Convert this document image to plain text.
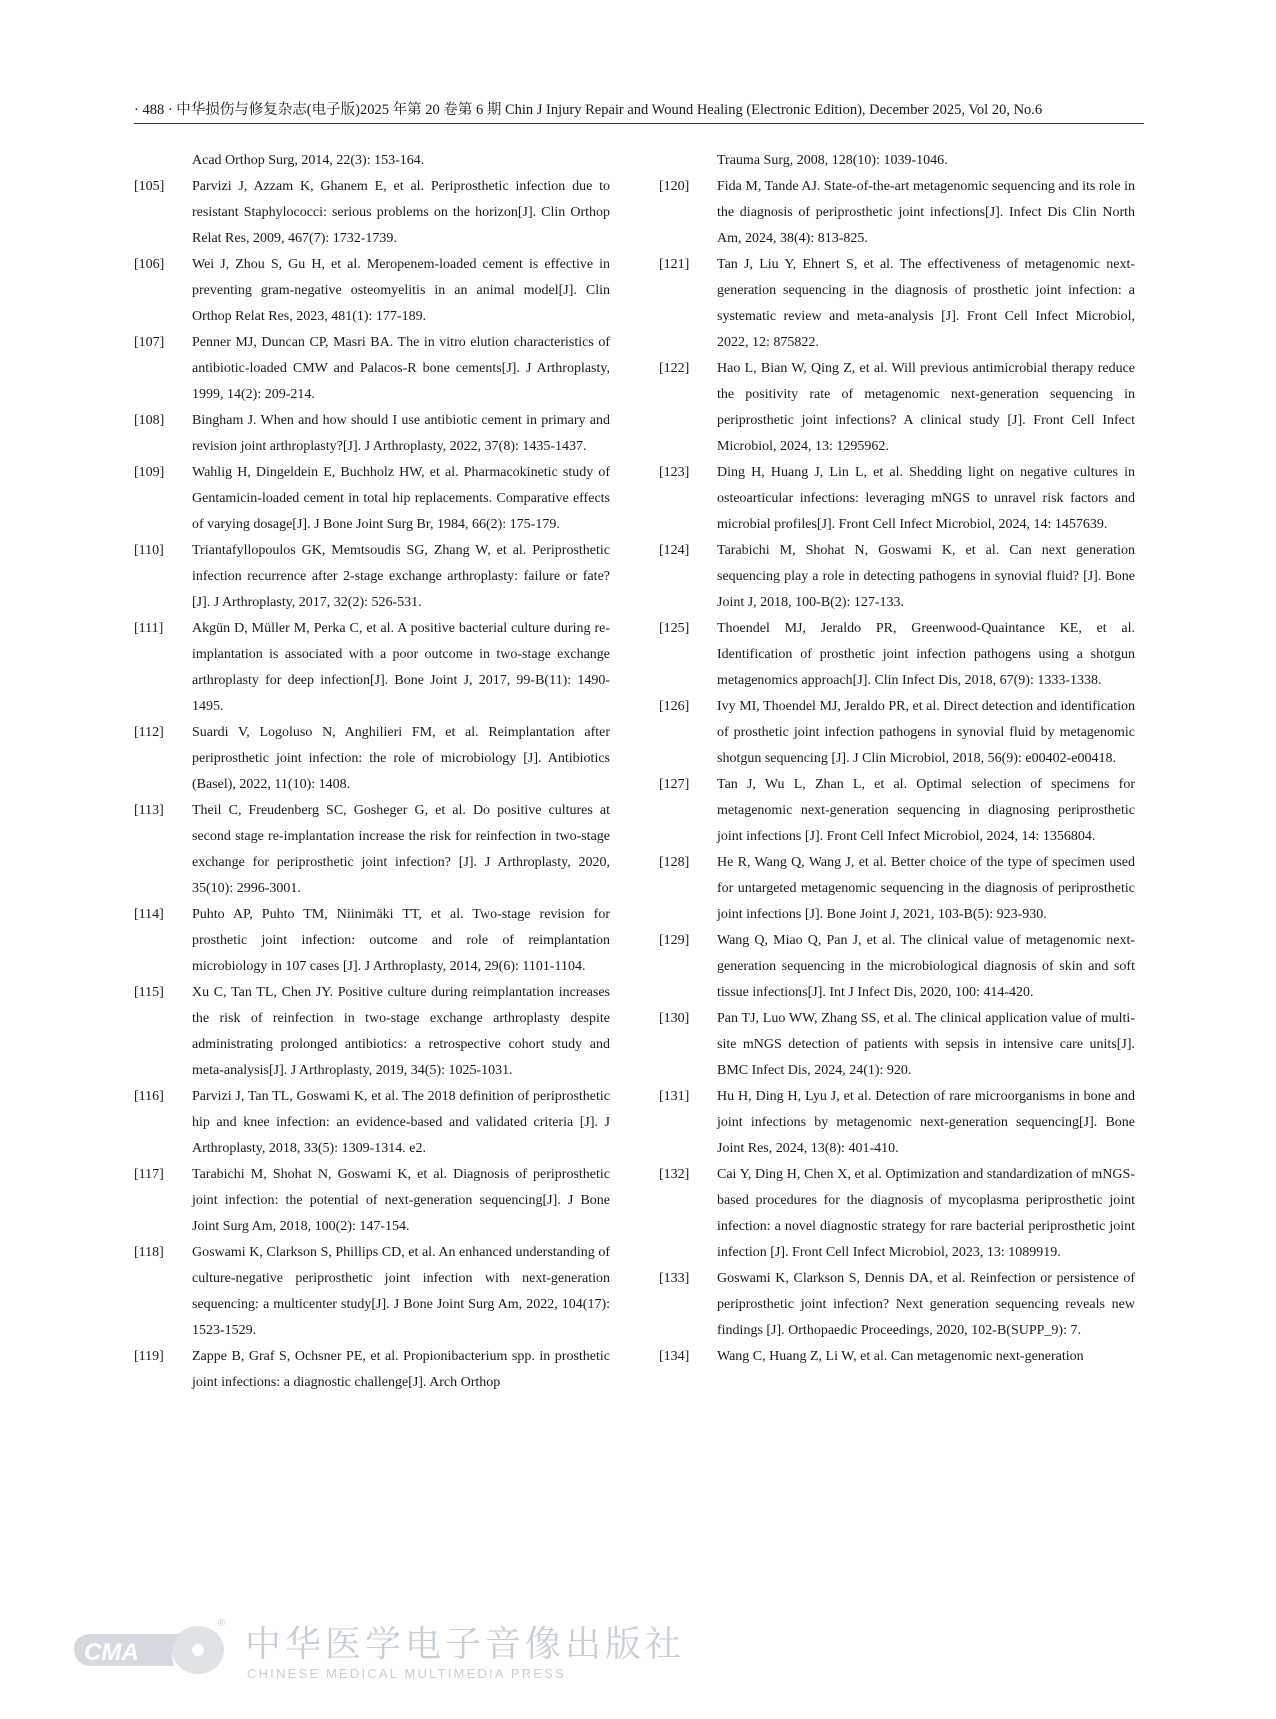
· 488 · 中华损伤与修复杂志(电子版)2025 年第 20 卷第 6 期 Chin J Injury Repair and Wound Healing (Electronic Edition), December 2025, Vol 20, No.6
Acad Orthop Surg, 2014, 22(3): 153-164.
[105] Parvizi J, Azzam K, Ghanem E, et al. Periprosthetic infection due to resistant Staphylococci: serious problems on the horizon[J]. Clin Orthop Relat Res, 2009, 467(7): 1732-1739.
[106] Wei J, Zhou S, Gu H, et al. Meropenem-loaded cement is effective in preventing gram-negative osteomyelitis in an animal model[J]. Clin Orthop Relat Res, 2023, 481(1): 177-189.
[107] Penner MJ, Duncan CP, Masri BA. The in vitro elution characteristics of antibiotic-loaded CMW and Palacos-R bone cements[J]. J Arthroplasty, 1999, 14(2): 209-214.
[108] Bingham J. When and how should I use antibiotic cement in primary and revision joint arthroplasty?[J]. J Arthroplasty, 2022, 37(8): 1435-1437.
[109] Wahlig H, Dingeldein E, Buchholz HW, et al. Pharmacokinetic study of Gentamicin-loaded cement in total hip replacements. Comparative effects of varying dosage[J]. J Bone Joint Surg Br, 1984, 66(2): 175-179.
[110] Triantafyllopoulos GK, Memtsoudis SG, Zhang W, et al. Periprosthetic infection recurrence after 2-stage exchange arthroplasty: failure or fate? [J]. J Arthroplasty, 2017, 32(2): 526-531.
[111] Akgün D, Müller M, Perka C, et al. A positive bacterial culture during re-implantation is associated with a poor outcome in two-stage exchange arthroplasty for deep infection[J]. Bone Joint J, 2017, 99-B(11): 1490-1495.
[112] Suardi V, Logoluso N, Anghilieri FM, et al. Reimplantation after periprosthetic joint infection: the role of microbiology [J]. Antibiotics (Basel), 2022, 11(10): 1408.
[113] Theil C, Freudenberg SC, Gosheger G, et al. Do positive cultures at second stage re-implantation increase the risk for reinfection in two-stage exchange for periprosthetic joint infection? [J]. J Arthroplasty, 2020, 35(10): 2996-3001.
[114] Puhto AP, Puhto TM, Niinimäki TT, et al. Two-stage revision for prosthetic joint infection: outcome and role of reimplantation microbiology in 107 cases [J]. J Arthroplasty, 2014, 29(6): 1101-1104.
[115] Xu C, Tan TL, Chen JY. Positive culture during reimplantation increases the risk of reinfection in two-stage exchange arthroplasty despite administrating prolonged antibiotics: a retrospective cohort study and meta-analysis[J]. J Arthroplasty, 2019, 34(5): 1025-1031.
[116] Parvizi J, Tan TL, Goswami K, et al. The 2018 definition of periprosthetic hip and knee infection: an evidence-based and validated criteria [J]. J Arthroplasty, 2018, 33(5): 1309-1314. e2.
[117] Tarabichi M, Shohat N, Goswami K, et al. Diagnosis of periprosthetic joint infection: the potential of next-generation sequencing[J]. J Bone Joint Surg Am, 2018, 100(2): 147-154.
[118] Goswami K, Clarkson S, Phillips CD, et al. An enhanced understanding of culture-negative periprosthetic joint infection with next-generation sequencing: a multicenter study[J]. J Bone Joint Surg Am, 2022, 104(17): 1523-1529.
[119] Zappe B, Graf S, Ochsner PE, et al. Propionibacterium spp. in prosthetic joint infections: a diagnostic challenge[J]. Arch Orthop
Trauma Surg, 2008, 128(10): 1039-1046.
[120] Fida M, Tande AJ. State-of-the-art metagenomic sequencing and its role in the diagnosis of periprosthetic joint infections[J]. Infect Dis Clin North Am, 2024, 38(4): 813-825.
[121] Tan J, Liu Y, Ehnert S, et al. The effectiveness of metagenomic next-generation sequencing in the diagnosis of prosthetic joint infection: a systematic review and meta-analysis [J]. Front Cell Infect Microbiol, 2022, 12: 875822.
[122] Hao L, Bian W, Qing Z, et al. Will previous antimicrobial therapy reduce the positivity rate of metagenomic next-generation sequencing in periprosthetic joint infections? A clinical study [J]. Front Cell Infect Microbiol, 2024, 13: 1295962.
[123] Ding H, Huang J, Lin L, et al. Shedding light on negative cultures in osteoarticular infections: leveraging mNGS to unravel risk factors and microbial profiles[J]. Front Cell Infect Microbiol, 2024, 14: 1457639.
[124] Tarabichi M, Shohat N, Goswami K, et al. Can next generation sequencing play a role in detecting pathogens in synovial fluid? [J]. Bone Joint J, 2018, 100-B(2): 127-133.
[125] Thoendel MJ, Jeraldo PR, Greenwood-Quaintance KE, et al. Identification of prosthetic joint infection pathogens using a shotgun metagenomics approach[J]. Clin Infect Dis, 2018, 67(9): 1333-1338.
[126] Ivy MI, Thoendel MJ, Jeraldo PR, et al. Direct detection and identification of prosthetic joint infection pathogens in synovial fluid by metagenomic shotgun sequencing [J]. J Clin Microbiol, 2018, 56(9): e00402-e00418.
[127] Tan J, Wu L, Zhan L, et al. Optimal selection of specimens for metagenomic next-generation sequencing in diagnosing periprosthetic joint infections [J]. Front Cell Infect Microbiol, 2024, 14: 1356804.
[128] He R, Wang Q, Wang J, et al. Better choice of the type of specimen used for untargeted metagenomic sequencing in the diagnosis of periprosthetic joint infections [J]. Bone Joint J, 2021, 103-B(5): 923-930.
[129] Wang Q, Miao Q, Pan J, et al. The clinical value of metagenomic next-generation sequencing in the microbiological diagnosis of skin and soft tissue infections[J]. Int J Infect Dis, 2020, 100: 414-420.
[130] Pan TJ, Luo WW, Zhang SS, et al. The clinical application value of multi-site mNGS detection of patients with sepsis in intensive care units[J]. BMC Infect Dis, 2024, 24(1): 920.
[131] Hu H, Ding H, Lyu J, et al. Detection of rare microorganisms in bone and joint infections by metagenomic next-generation sequencing[J]. Bone Joint Res, 2024, 13(8): 401-410.
[132] Cai Y, Ding H, Chen X, et al. Optimization and standardization of mNGS-based procedures for the diagnosis of mycoplasma periprosthetic joint infection: a novel diagnostic strategy for rare bacterial periprosthetic joint infection [J]. Front Cell Infect Microbiol, 2023, 13: 1089919.
[133] Goswami K, Clarkson S, Dennis DA, et al. Reinfection or persistence of periprosthetic joint infection? Next generation sequencing reveals new findings [J]. Orthopaedic Proceedings, 2020, 102-B(SUPP_9): 7.
[134] Wang C, Huang Z, Li W, et al. Can metagenomic next-generation
CMA
®
中华医学电子音像出版社
CHINESE MEDICAL MULTIMEDIA PRESS
